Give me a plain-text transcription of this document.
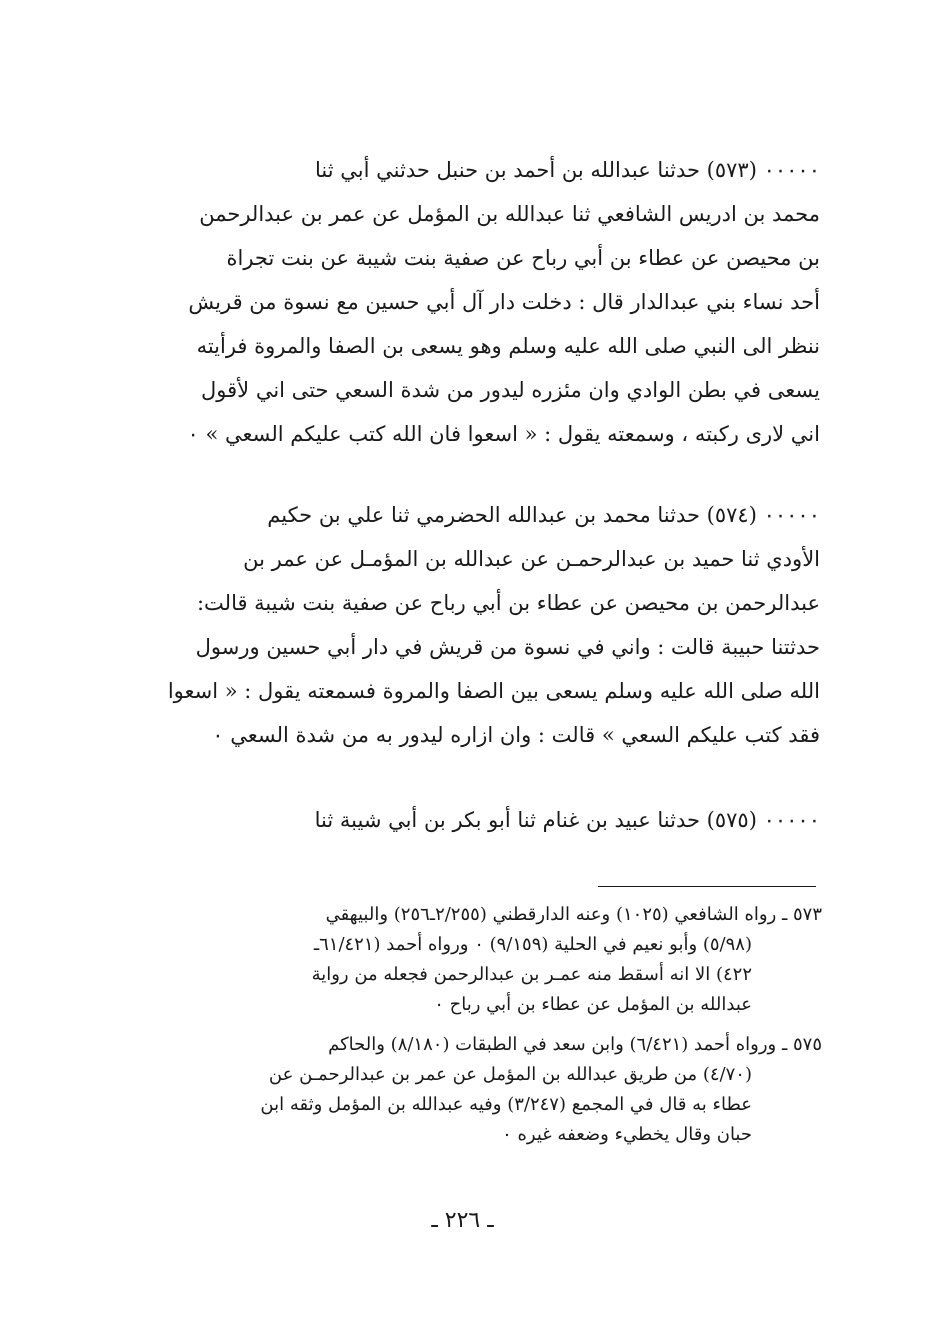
٠٠٠٠٠ (٥٧٣) حدثنا عبدالله بن أحمد بن حنبل حدثني أبي ثنا
محمد بن ادريس الشافعي ثنا عبدالله بن المؤمل عن عمر بن عبدالرحمن
بن محيصن عن عطاء بن أبي رباح عن صفية بنت شيبة عن بنت تجراة
أحد نساء بني عبدالدار قال : دخلت دار آل أبي حسين مع نسوة من قريش
ننظر الى النبي صلى الله عليه وسلم وهو يسعى بن الصفا والمروة فرأيته
يسعى في بطن الوادي وان مئزره ليدور من شدة السعي حتى اني لأقول
اني لارى ركبته ، وسمعته يقول : « اسعوا فان الله كتب عليكم السعي » ٠
٠٠٠٠٠ (٥٧٤) حدثنا محمد بن عبدالله الحضرمي ثنا علي بن حكيم
الأودي ثنا حميد بن عبدالرحمـن عن عبدالله بن المؤمـل عن عمر بن
عبدالرحمن بن محيصن عن عطاء بن أبي رباح عن صفية بنت شيبة قالت:
حدثتنا حبيبة قالت : واني في نسوة من قريش في دار أبي حسين ورسول
الله صلى الله عليه وسلم يسعى بين الصفا والمروة فسمعته يقول : « اسعوا
فقد كتب عليكم السعي » قالت : وان ازاره ليدور به من شدة السعي ٠
٠٠٠٠٠ (٥٧٥) حدثنا عبيد بن غنام ثنا أبو بكر بن أبي شيبة ثنا
٥٧٣ ـ رواه الشافعي (١٠٢٥) وعنه الدارقطني (٢/٢٥٥ـ٢٥٦) والبيهقي
(٥/٩٨) وأبو نعيم في الحلية (٩/١٥٩) ٠ ورواه أحمد (٦١/٤٢١ـ
٤٢٢) الا انه أسقط منه عمـر بن عبدالرحمن فجعله من رواية
عبدالله بن المؤمل عن عطاء بن أبي رباح ٠
٥٧٥ ـ ورواه أحمد (٦/٤٢١) وابن سعد في الطبقات (٨/١٨٠) والحاكم
(٤/٧٠) من طريق عبدالله بن المؤمل عن عمر بن عبدالرحمـن عن
عطاء به قال في المجمع (٣/٢٤٧) وفيه عبدالله بن المؤمل وثقه ابن
حبان وقال يخطيء وضعفه غيره ٠
ـ ٢٢٦ ـ
